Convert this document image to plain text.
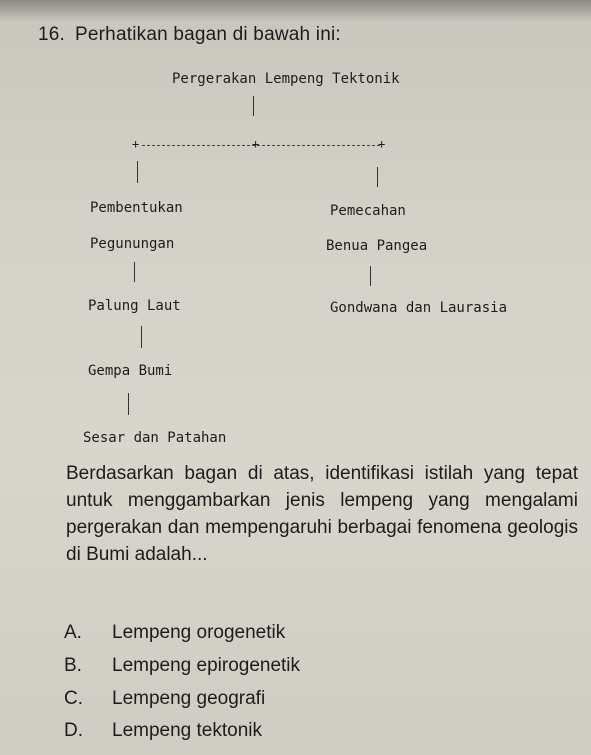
16. Perhatikan bagan di bawah ini:
Pergerakan Lempeng Tektonik
+	+	+
Pembentukan
Pegunungan
Palung Laut
Gempa Bumi
Sesar dan Patahan
Pemecahan
Benua Pangea
Gondwana dan Laurasia
Berdasarkan bagan di atas, identifikasi istilah yang tepat untuk menggambarkan jenis lempeng yang mengalami pergerakan dan mempengaruhi berbagai fenomena geologis di Bumi adalah...
A. Lempeng orogenetik
B. Lempeng epirogenetik
C. Lempeng geografi
D. Lempeng tektonik
